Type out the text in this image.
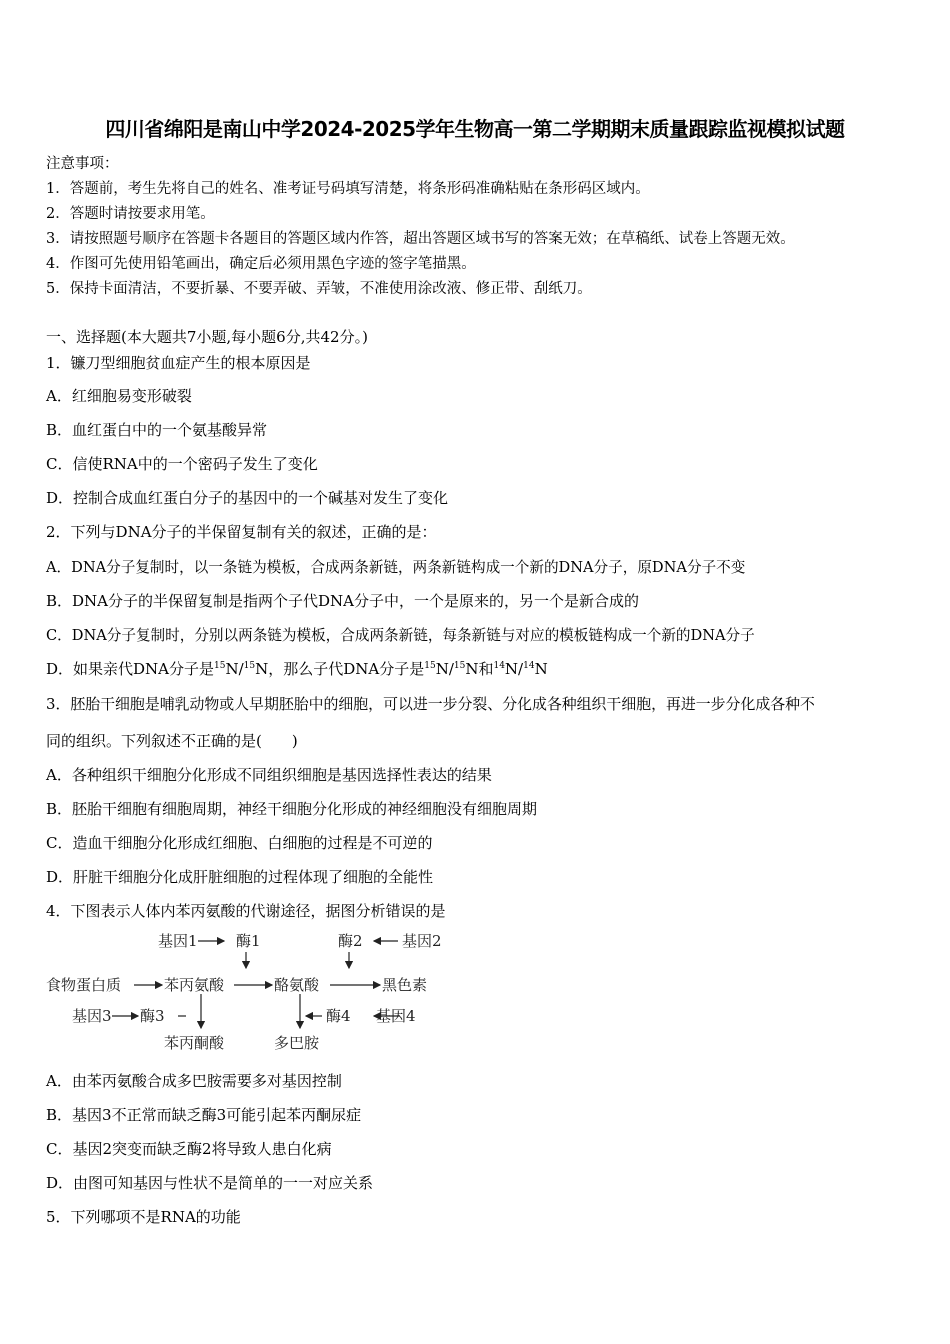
四川省绵阳是南山中学2024-2025学年生物高一第二学期期末质量跟踪监视模拟试题
注意事项：
1．答题前，考生先将自己的姓名、准考证号码填写清楚，将条形码准确粘贴在条形码区域内。
2．答题时请按要求用笔。
3．请按照题号顺序在答题卡各题目的答题区域内作答，超出答题区域书写的答案无效；在草稿纸、试卷上答题无效。
4．作图可先使用铅笔画出，确定后必须用黑色字迹的签字笔描黑。
5．保持卡面清洁，不要折暴、不要弄破、弄皱，不准使用涂改液、修正带、刮纸刀。
一、选择题(本大题共7小题,每小题6分,共42分。)
1．镰刀型细胞贫血症产生的根本原因是
A．红细胞易变形破裂
B．血红蛋白中的一个氨基酸异常
C．信使RNA中的一个密码子发生了变化
D．控制合成血红蛋白分子的基因中的一个碱基对发生了变化
2．下列与DNA分子的半保留复制有关的叙述，正确的是：
A．DNA分子复制时，以一条链为模板，合成两条新链，两条新链构成一个新的DNA分子，原DNA分子不变
B．DNA分子的半保留复制是指两个子代DNA分子中，一个是原来的，另一个是新合成的
C．DNA分子复制时，分别以两条链为模板，合成两条新链，每条新链与对应的模板链构成一个新的DNA分子
D．如果亲代DNA分子是$^{15}$N/$^{15}$N，那么子代DNA分子是$^{15}$N/$^{15}$N和$^{14}$N/$^{14}$N
3．胚胎干细胞是哺乳动物或人早期胚胎中的细胞，可以进一步分裂、分化成各种组织干细胞，再进一步分化成各种不
同的组织。下列叙述不正确的是(　　)
A．各种组织干细胞分化形成不同组织细胞是基因选择性表达的结果
B．胚胎干细胞有细胞周期，神经干细胞分化形成的神经细胞没有细胞周期
C．造血干细胞分化形成红细胞、白细胞的过程是不可逆的
D．肝脏干细胞分化成肝脏细胞的过程体现了细胞的全能性
4．下图表示人体内苯丙氨酸的代谢途径，据图分析错误的是
基因1	酶1	酶2	基因2
食物蛋白质	苯丙氨酸	酪氨酸	黑色素
基因3 酶3
苯丙酮酸
酶4 基因4
多巴胺
A．由苯丙氨酸合成多巴胺需要多对基因控制
B．基因3不正常而缺乏酶3可能引起苯丙酮尿症
C．基因2突变而缺乏酶2将导致人患白化病
D．由图可知基因与性状不是简单的一一对应关系
5．下列哪项不是RNA的功能
